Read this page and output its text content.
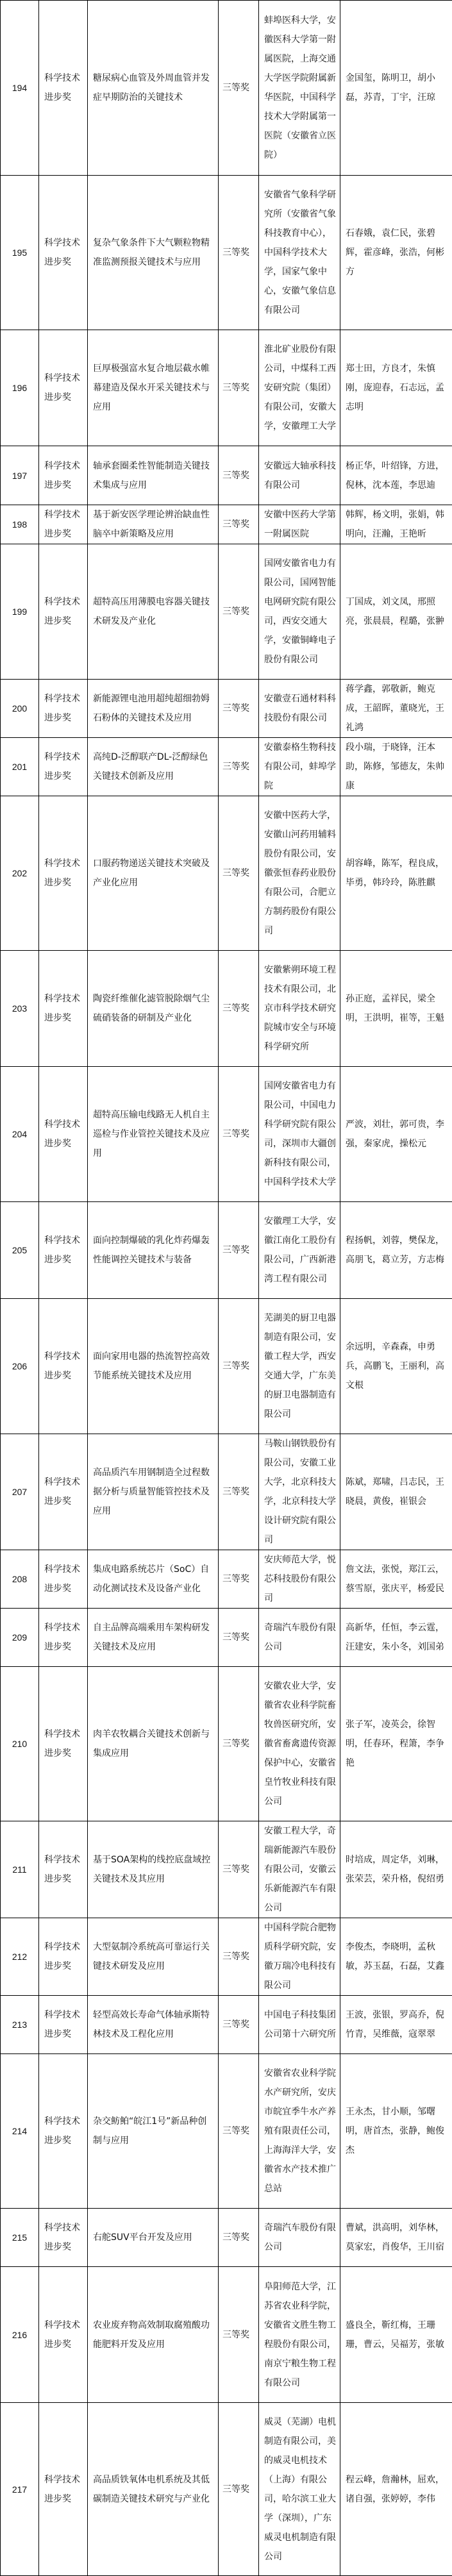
194	科学技术进步奖	糖尿病心血管及外周血管并发症早期防治的关键技术	三等奖	蚌埠医科大学，安徽医科大学第一附属医院，上海交通大学医学院附属新华医院，中国科学技术大学附属第一医院（安徽省立医院）	金国玺，陈明卫，胡小磊，苏青，丁宇，汪琼
195	科学技术进步奖	复杂气象条件下大气颗粒物精准监测预报关键技术与应用	三等奖	安徽省气象科学研究所（安徽省气象科技教育中心），中国科学技术大学，国家气象中心，安徽气象信息有限公司	石春娥，袁仁民，张碧辉，霍彦峰，张浩，何彬方
196	科学技术进步奖	巨厚极强富水复合地层截水帷幕建造及保水开采关键技术与应用	三等奖	淮北矿业股份有限公司，中煤科工西安研究院（集团）有限公司，安徽大学，安徽理工大学	郑士田，方良才，朱慎刚，庞迎春，石志远，孟志明
197	科学技术进步奖	轴承套圈柔性智能制造关键技术集成与应用	三等奖	安徽远大轴承科技有限公司	杨正华，叶绍锋，方进，倪林，沈本莲，李思迪
198	科学技术进步奖	基于新安医学理论辨治缺血性脑卒中新策略及应用	三等奖	安徽中医药大学第一附属医院	韩辉，杨文明，张娟，韩明向，汪瀚，王艳昕
199	科学技术进步奖	超特高压用薄膜电容器关键技术研发及产业化	三等奖	国网安徽省电力有限公司，国网智能电网研究院有限公司，西安交通大学，安徽铜峰电子股份有限公司	丁国成，刘文凤，邢照亮，张晨晨，程璐，张翀
200	科学技术进步奖	新能源锂电池用超纯超细勃姆石粉体的关键技术及应用	三等奖	安徽壹石通材料科技股份有限公司	蒋学鑫，郭敬新，鲍克成，王韶晖，董晓光，王礼鸿
201	科学技术进步奖	高纯D-泛醇联产DL-泛醇绿色关键技术创新及应用	三等奖	安徽泰格生物科技有限公司，蚌埠学院	段小瑞，于晓锋，汪本助，陈修，邹德友，朱帅康
202	科学技术进步奖	口服药物递送关键技术突破及产业化应用	三等奖	安徽中医药大学，安徽山河药用辅料股份有限公司，安徽张恒春药业股份有限公司，合肥立方制药股份有限公司	胡容峰，陈军，程良成，毕勇，韩玲玲，陈胜麒
203	科学技术进步奖	陶瓷纤维催化滤管脱除烟气尘硫硝装备的研制及产业化	三等奖	安徽紫朔环境工程技术有限公司，北京市科学技术研究院城市安全与环境科学研究所	孙正庭，孟祥民，梁全明，王洪明，崔等，王魁
204	科学技术进步奖	超特高压输电线路无人机自主巡检与作业管控关键技术及应用	三等奖	国网安徽省电力有限公司，中国电力科学研究院有限公司，深圳市大疆创新科技有限公司，中国科学技术大学	严波，刘壮，郭可贵，李强，秦家虎，操松元
205	科学技术进步奖	面向控制爆破的乳化炸药爆轰性能调控关键技术与装备	三等奖	安徽理工大学，安徽江南化工股份有限公司，广西新港湾工程有限公司	程扬帆，刘蓉，樊保龙，高朋飞，葛立芳，方志梅
206	科学技术进步奖	面向家用电器的热流智控高效节能系统关键技术及应用	三等奖	芜湖美的厨卫电器制造有限公司，安徽工程大学，西安交通大学，广东美的厨卫电器制造有限公司	余远明，辛森森，申勇兵，高鹏飞，王丽利，高文根
207	科学技术进步奖	高品质汽车用钢制造全过程数据分析与质量智能管控技术及应用	三等奖	马鞍山钢铁股份有限公司，安徽工业大学，北京科技大学，北京科技大学设计研究院有限公司	陈斌，郑啸，吕志民，王晓晨，黄俊，崔银会
208	科学技术进步奖	集成电路系统芯片（SoC）自动化测试技术及设备产业化	三等奖	安庆师范大学，悦芯科技股份有限公司	詹文法，张悦，郑江云，蔡雪原，张庆平，杨爱民
209	科学技术进步奖	自主品牌高端乘用车架构研发关键技术及应用	三等奖	奇瑞汽车股份有限公司	高新华，任恒，李云霆，汪建安，朱小冬，刘国弟
210	科学技术进步奖	肉羊农牧耦合关键技术创新与集成应用	三等奖	安徽农业大学，安徽省农业科学院畜牧兽医研究所，安徽省畜禽遗传资源保护中心，安徽省皇竹牧业科技有限公司	张子军，凌英会，徐智明，任春环，程箫，李争艳
211	科学技术进步奖	基于SOA架构的线控底盘域控关键技术及其应用	三等奖	安徽工程大学，奇瑞新能源汽车股份有限公司，安徽云乐新能源汽车有限公司	时培成，周定华，刘琳，张荣芸，荣升格，倪绍勇
212	科学技术进步奖	大型氨制冷系统高可靠运行关键技术研发及应用	三等奖	中国科学院合肥物质科学研究院，安徽万瑞冷电科技有限公司	李俊杰，李晓明，孟秋敏，苏玉磊，石磊，艾鑫
213	科学技术进步奖	轻型高效长寿命气体轴承斯特林技术及工程化应用	三等奖	中国电子科技集团公司第十六研究所	王波，张银，罗高乔，倪竹青，吴维薇，寇翠翠
214	科学技术进步奖	杂交鲂鲌“皖江1号”新品种创制与应用	三等奖	安徽省农业科学院水产研究所，安庆市皖宜季牛水产养殖有限责任公司，上海海洋大学，安徽省水产技术推广总站	王永杰，甘小顺，邹曙明，唐首杰，张静，鲍俊杰
215	科学技术进步奖	右舵SUV平台开发及应用	三等奖	奇瑞汽车股份有限公司	曹斌，洪高明，刘华林，莫家宏，肖俊华，王川宿
216	科学技术进步奖	农业废弃物高效制取腐殖酸功能肥料开发及应用	三等奖	阜阳师范大学，江苏省农业科学院，安徽省文胜生物工程股份有限公司，南京宁粮生物工程有限公司	盛良全，靳红梅，王珊珊，曹云，吴福芳，张敏
217	科学技术进步奖	高品质铁氧体电机系统及其低碳制造关键技术研究与产业化	三等奖	威灵（芜湖）电机制造有限公司，美的威灵电机技术（上海）有限公司，哈尔滨工业大学（深圳），广东威灵电机制造有限公司	程云峰，詹瀚林，屈欢，诸自强，张婷婷，李伟
